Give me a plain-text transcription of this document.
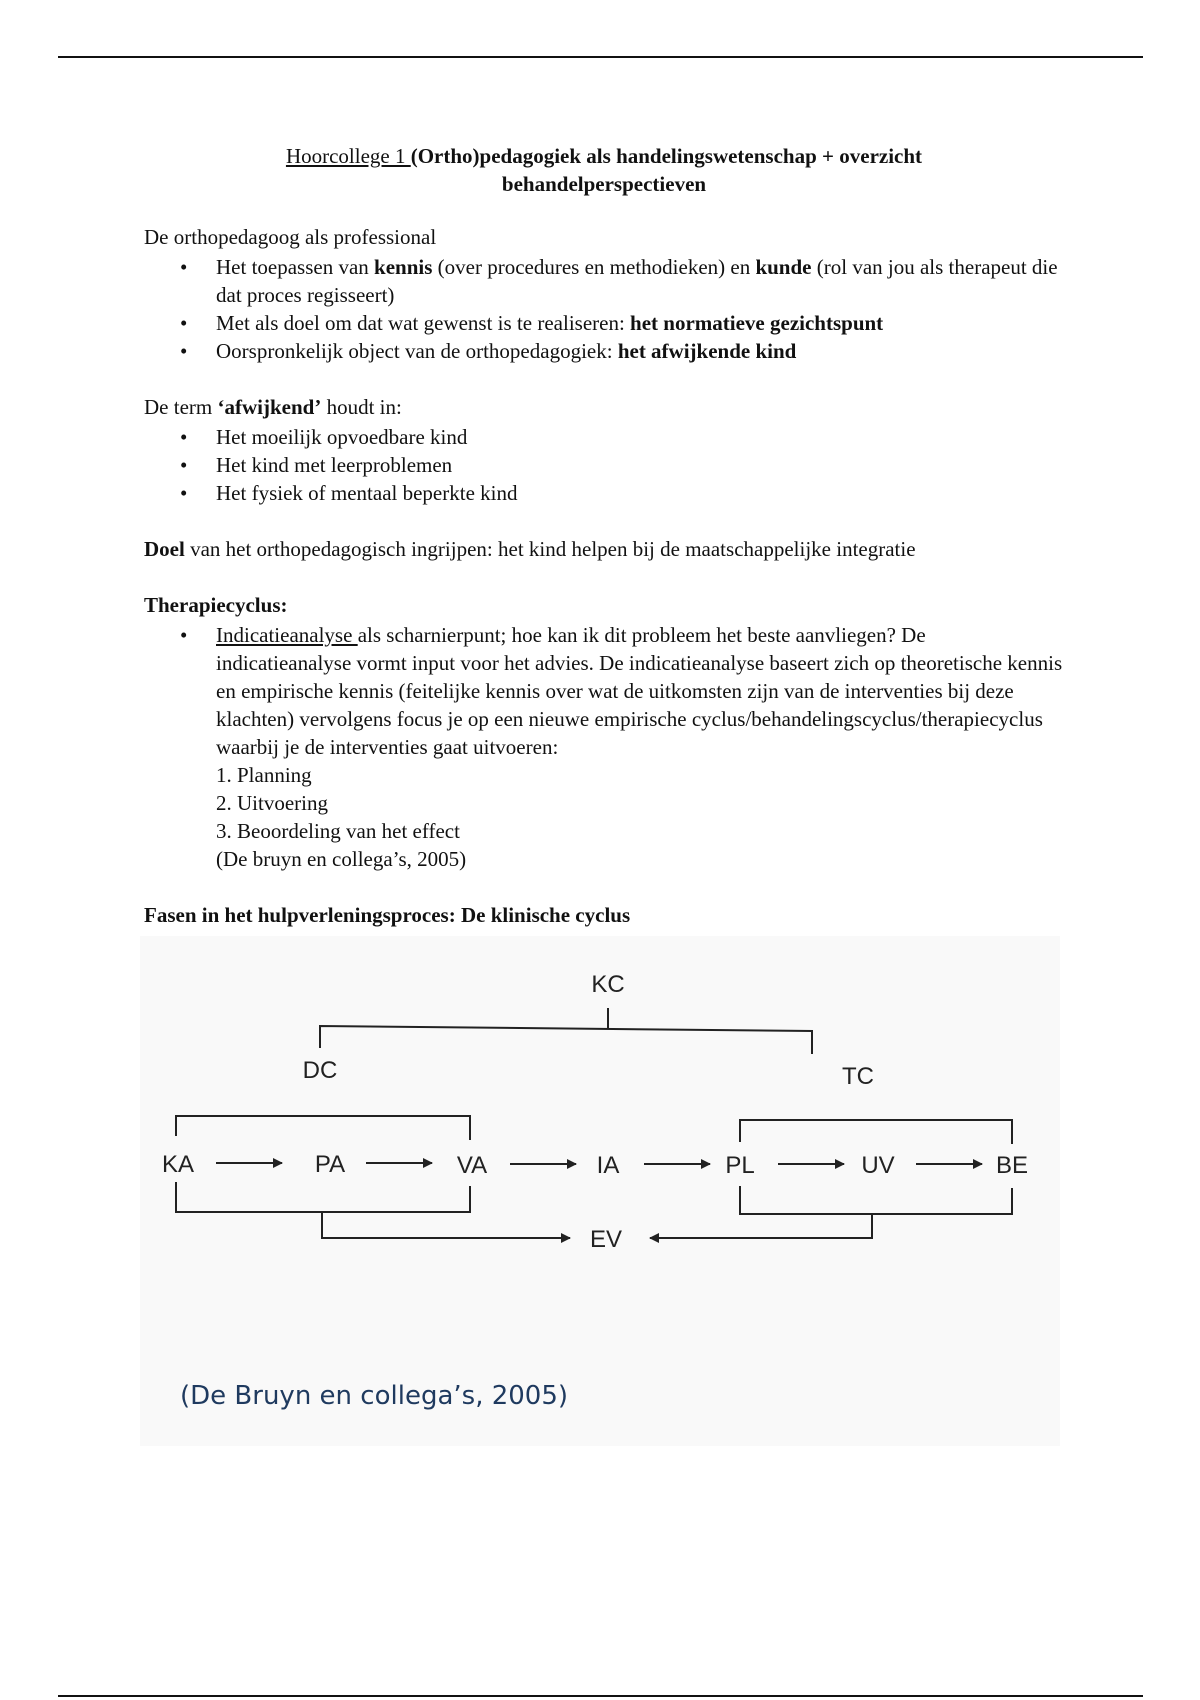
Hoorcollege 1 (Ortho)pedagogiek als handelingswetenschap + overzicht
behandelperspectieven

De orthopedagoog als professional

• Het toepassen van kennis (over procedures en methodieken) en kunde (rol van jou als therapeut die dat proces regisseert)
• Met als doel om dat wat gewenst is te realiseren: het normatieve gezichtspunt
• Oorspronkelijk object van de orthopedagogiek: het afwijkende kind

De term ‘afwijkend’ houdt in:

• Het moeilijk opvoedbare kind
• Het kind met leerproblemen
• Het fysiek of mentaal beperkte kind

Doel van het orthopedagogisch ingrijpen: het kind helpen bij de maatschappelijke integratie

Therapiecyclus:

• Indicatieanalyse als scharnierpunt; hoe kan ik dit probleem het beste aanvliegen? De indicatieanalyse vormt input voor het advies. De indicatieanalyse baseert zich op theoretische kennis en empirische kennis (feitelijke kennis over wat de uitkomsten zijn van de interventies bij deze klachten) vervolgens focus je op een nieuwe empirische cyclus/behandelingscyclus/therapiecyclus waarbij je de interventies gaat uitvoeren:
1. Planning
2. Uitvoering
3. Beoordeling van het effect

(De bruyn en collega’s, 2005)

Fasen in het hulpverleningsproces: De klinische cyclus

KC
DC	TC
KA	PA	VA	IA	PL	UV	BE
EV
(De Bruyn en collega’s, 2005)
